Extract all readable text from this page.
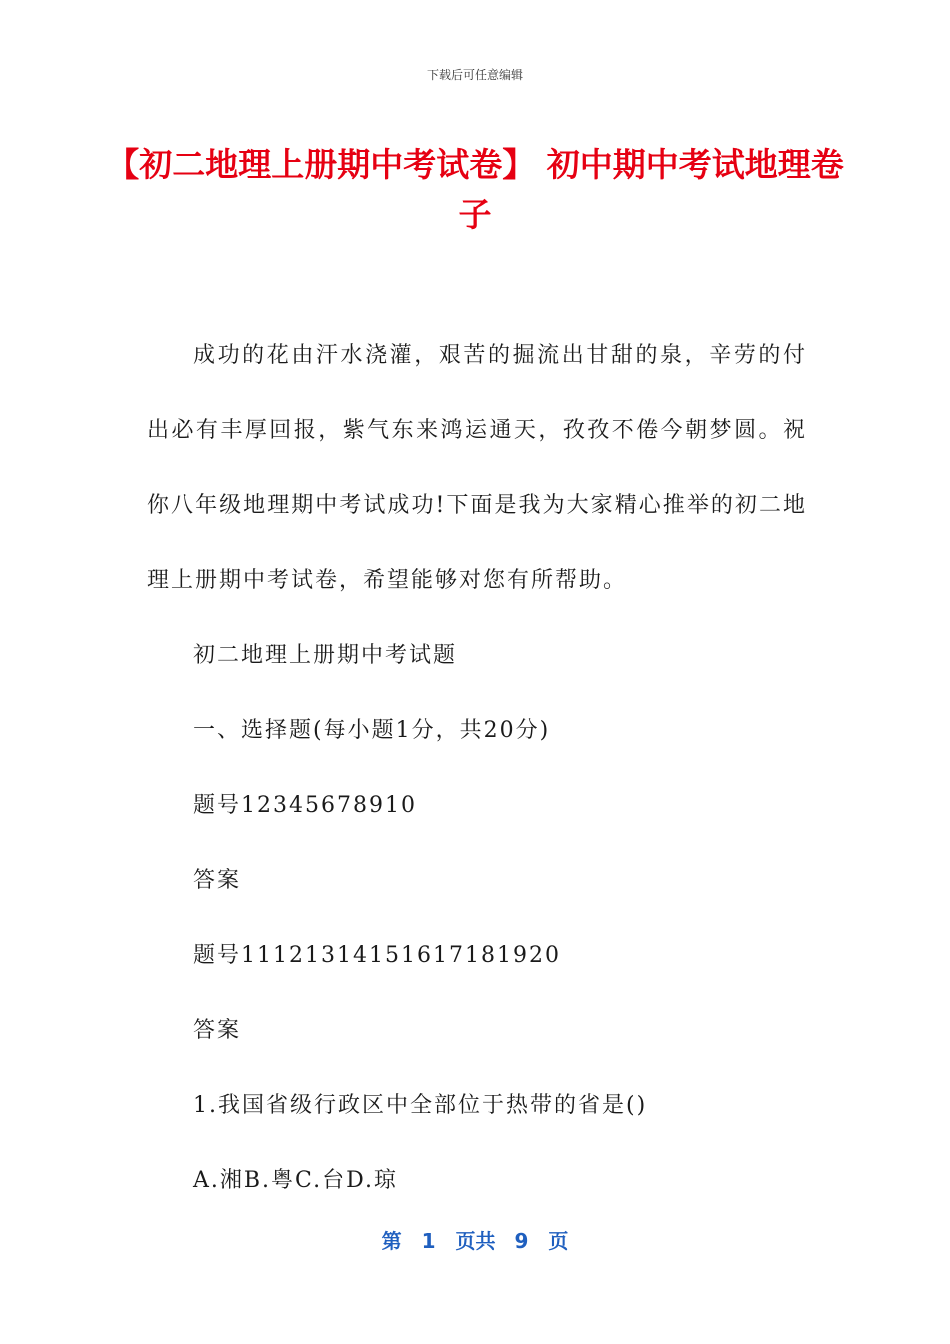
下载后可任意编辑
【初二地理上册期中考试卷】 初中期中考试地理卷子

成功的花由汗水浇灌，艰苦的掘流出甘甜的泉，辛劳的付出必有丰厚回报，紫气东来鸿运通天，孜孜不倦今朝梦圆。祝你八年级地理期中考试成功!下面是我为大家精心推举的初二地理上册期中考试卷，希望能够对您有所帮助。

初二地理上册期中考试题

一、选择题(每小题1分，共20分)

题号12345678910

答案

题号11121314151617181920

答案

1.我国省级行政区中全部位于热带的省是()

A.湘B.粤C.台D.琼

第　1　页共 9　页
